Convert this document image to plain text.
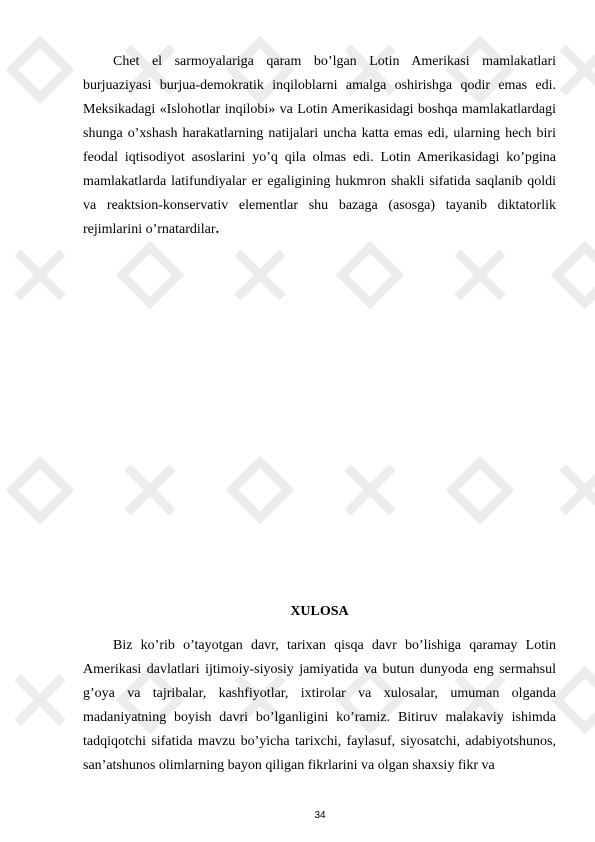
Chet el sarmoyalariga qaram bo’lgan Lotin Amerikasi mamlakatlari burjuaziyasi burjua-demokratik inqiloblarni amalga oshirishga qodir emas edi. Meksikadagi «Islohotlar inqilobi» va Lotin Amerikasidagi boshqa mamlakatlardagi shunga o’xshash harakatlarning natijalari uncha katta emas edi, ularning hech biri feodal iqtisodiyot asoslarini yo’q qila olmas edi. Lotin Amerikasidagi ko’pgina mamlakatlarda latifundiyalar er egaligining hukmron shakli sifatida saqlanib qoldi va reaktsion-konservativ elementlar shu bazaga (asosga) tayanib diktatorlik rejimlarini o’rnatardilar.

XULOSA

Biz ko’rib o’tayotgan davr, tarixan qisqa davr bo’lishiga qaramay Lotin Amerikasi davlatlari ijtimoiy-siyosiy jamiyatida va butun dunyoda eng sermahsul g’oya va tajribalar, kashfiyotlar, ixtirolar va xulosalar, umuman olganda madaniyatning boyish davri bo’lganligini ko’ramiz. Bitiruv malakaviy ishimda tadqiqotchi sifatida mavzu bo’yicha tarixchi, faylasuf, siyosatchi, adabiyotshunos, san’atshunos olimlarning bayon qiligan fikrlarini va olgan shaxsiy fikr va

34
